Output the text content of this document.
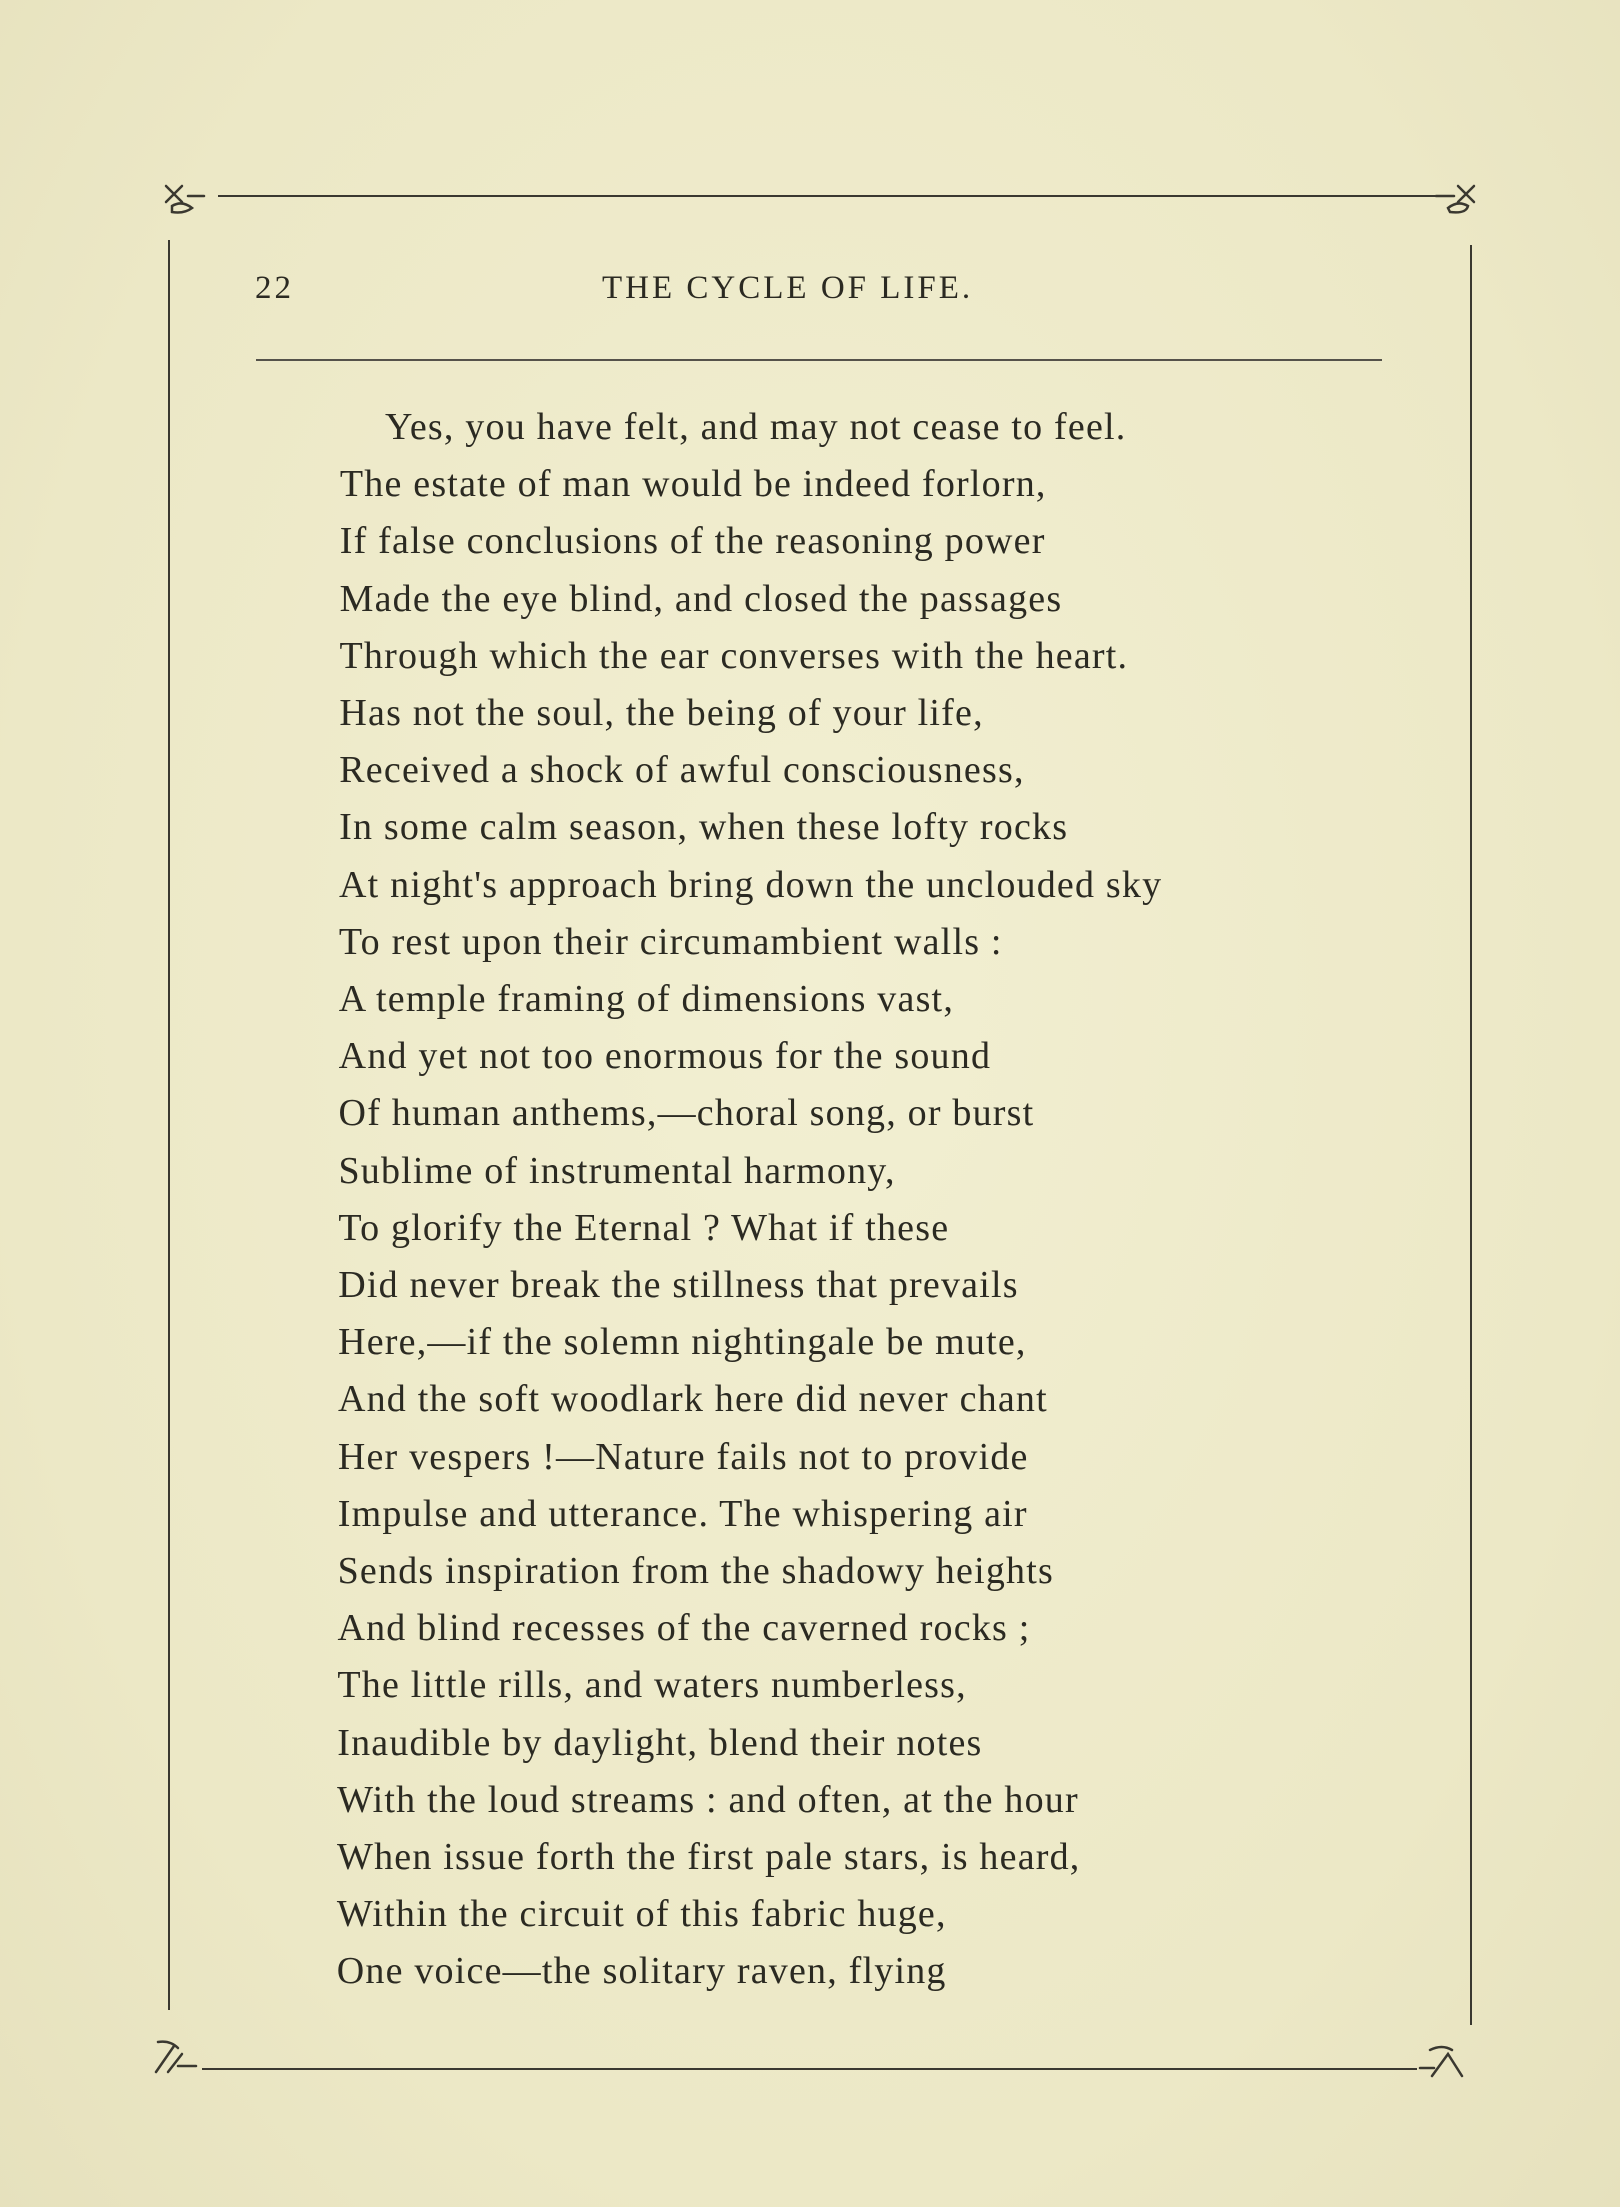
22	THE CYCLE OF LIFE.
Yes, you have felt, and may not cease to feel.
The estate of man would be indeed forlorn,
If false conclusions of the reasoning power
Made the eye blind, and closed the passages
Through which the ear converses with the heart.
Has not the soul, the being of your life,
Received a shock of awful consciousness,
In some calm season, when these lofty rocks
At night's approach bring down the unclouded sky
To rest upon their circumambient walls :
A temple framing of dimensions vast,
And yet not too enormous for the sound
Of human anthems,—choral song, or burst
Sublime of instrumental harmony,
To glorify the Eternal ? What if these
Did never break the stillness that prevails
Here,—if the solemn nightingale be mute,
And the soft woodlark here did never chant
Her vespers !—Nature fails not to provide
Impulse and utterance. The whispering air
Sends inspiration from the shadowy heights
And blind recesses of the caverned rocks ;
The little rills, and waters numberless,
Inaudible by daylight, blend their notes
With the loud streams : and often, at the hour
When issue forth the first pale stars, is heard,
Within the circuit of this fabric huge,
One voice—the solitary raven, flying
